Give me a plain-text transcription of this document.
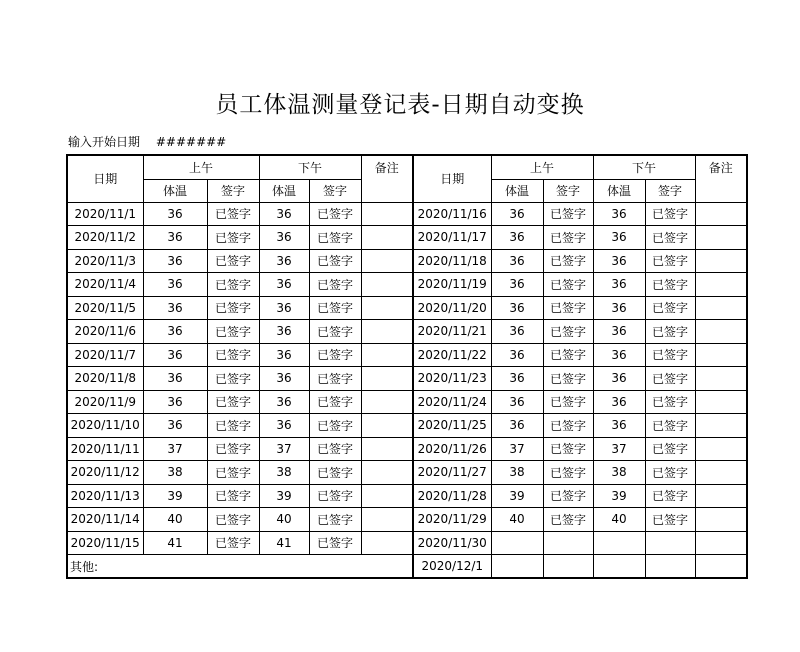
员工体温测量登记表-日期自动变换
输入开始日期 #######
日期	上午		下午		备注	日期	上午		下午		备注
	体温	签字	体温	签字			体温	签字	体温	签字	
2020/11/1	36	已签字	36	已签字		2020/11/16	36	已签字	36	已签字	
2020/11/2	36	已签字	36	已签字		2020/11/17	36	已签字	36	已签字	
2020/11/3	36	已签字	36	已签字		2020/11/18	36	已签字	36	已签字	
2020/11/4	36	已签字	36	已签字		2020/11/19	36	已签字	36	已签字	
2020/11/5	36	已签字	36	已签字		2020/11/20	36	已签字	36	已签字	
2020/11/6	36	已签字	36	已签字		2020/11/21	36	已签字	36	已签字	
2020/11/7	36	已签字	36	已签字		2020/11/22	36	已签字	36	已签字	
2020/11/8	36	已签字	36	已签字		2020/11/23	36	已签字	36	已签字	
2020/11/9	36	已签字	36	已签字		2020/11/24	36	已签字	36	已签字	
2020/11/10	36	已签字	36	已签字		2020/11/25	36	已签字	36	已签字	
2020/11/11	37	已签字	37	已签字		2020/11/26	37	已签字	37	已签字	
2020/11/12	38	已签字	38	已签字		2020/11/27	38	已签字	38	已签字	
2020/11/13	39	已签字	39	已签字		2020/11/28	39	已签字	39	已签字	
2020/11/14	40	已签字	40	已签字		2020/11/29	40	已签字	40	已签字	
2020/11/15	41	已签字	41	已签字		2020/11/30					
其他:						2020/12/1					
